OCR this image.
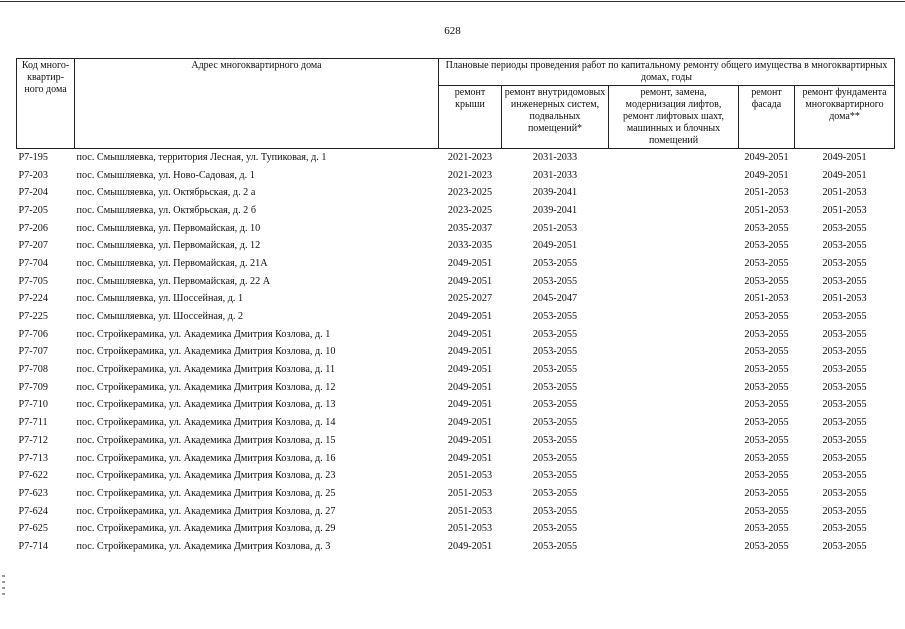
628
Код много-квартир-ного дома	Адрес многоквартирного дома	Плановые периоды проведения работ по капитальному ремонту общего имущества в многоквартирных домах, годы				
		ремонт крыши	ремонт внутридомовых инженерных систем, подвальных помещений*	ремонт, замена, модернизация лифтов, ремонт лифтовых шахт, машинных и блочных помещений	ремонт фасада	ремонт фундамента многоквартирного дома**
Р7-195	пос. Смышляевка, территория Лесная, ул. Тупиковая, д. 1	2021-2023	2031-2033		2049-2051	2049-2051
Р7-203	пос. Смышляевка, ул. Ново-Садовая, д. 1	2021-2023	2031-2033		2049-2051	2049-2051
Р7-204	пос. Смышляевка, ул. Октябрьская, д. 2 а	2023-2025	2039-2041		2051-2053	2051-2053
Р7-205	пос. Смышляевка, ул. Октябрьская, д. 2 б	2023-2025	2039-2041		2051-2053	2051-2053
Р7-206	пос. Смышляевка, ул. Первомайская, д. 10	2035-2037	2051-2053		2053-2055	2053-2055
Р7-207	пос. Смышляевка, ул. Первомайская, д. 12	2033-2035	2049-2051		2053-2055	2053-2055
Р7-704	пос. Смышляевка, ул. Первомайская, д. 21А	2049-2051	2053-2055		2053-2055	2053-2055
Р7-705	пос. Смышляевка, ул. Первомайская, д. 22 А	2049-2051	2053-2055		2053-2055	2053-2055
Р7-224	пос. Смышляевка, ул. Шоссейная, д. 1	2025-2027	2045-2047		2051-2053	2051-2053
Р7-225	пос. Смышляевка, ул. Шоссейная, д. 2	2049-2051	2053-2055		2053-2055	2053-2055
Р7-706	пос. Стройкерамика, ул. Академика Дмитрия Козлова, д. 1	2049-2051	2053-2055		2053-2055	2053-2055
Р7-707	пос. Стройкерамика, ул. Академика Дмитрия Козлова, д. 10	2049-2051	2053-2055		2053-2055	2053-2055
Р7-708	пос. Стройкерамика, ул. Академика Дмитрия Козлова, д. 11	2049-2051	2053-2055		2053-2055	2053-2055
Р7-709	пос. Стройкерамика, ул. Академика Дмитрия Козлова, д. 12	2049-2051	2053-2055		2053-2055	2053-2055
Р7-710	пос. Стройкерамика, ул. Академика Дмитрия Козлова, д. 13	2049-2051	2053-2055		2053-2055	2053-2055
Р7-711	пос. Стройкерамика, ул. Академика Дмитрия Козлова, д. 14	2049-2051	2053-2055		2053-2055	2053-2055
Р7-712	пос. Стройкерамика, ул. Академика Дмитрия Козлова, д. 15	2049-2051	2053-2055		2053-2055	2053-2055
Р7-713	пос. Стройкерамика, ул. Академика Дмитрия Козлова, д. 16	2049-2051	2053-2055		2053-2055	2053-2055
Р7-622	пос. Стройкерамика, ул. Академика Дмитрия Козлова, д. 23	2051-2053	2053-2055		2053-2055	2053-2055
Р7-623	пос. Стройкерамика, ул. Академика Дмитрия Козлова, д. 25	2051-2053	2053-2055		2053-2055	2053-2055
Р7-624	пос. Стройкерамика, ул. Академика Дмитрия Козлова, д. 27	2051-2053	2053-2055		2053-2055	2053-2055
Р7-625	пос. Стройкерамика, ул. Академика Дмитрия Козлова, д. 29	2051-2053	2053-2055		2053-2055	2053-2055
Р7-714	пос. Стройкерамика, ул. Академика Дмитрия Козлова, д. 3	2049-2051	2053-2055		2053-2055	2053-2055
